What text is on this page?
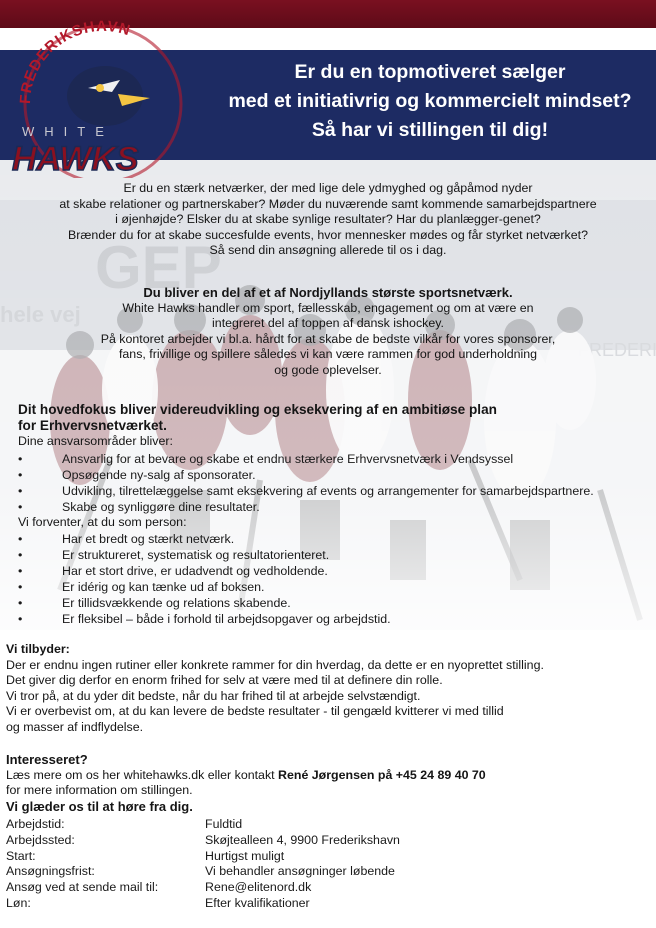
FREDERIKSHAVN
WHITE
HAWKS
Er du en topmotiveret sælger
med et initiativrig og kommercielt mindset?
Så har vi stillingen til dig!
Er du en stærk netværker, der med lige dele ydmyghed og gåpåmod nyder
at skabe relationer og partnerskaber? Møder du nuværende samt kommende samarbejdspartnere
i øjenhøjde? Elsker du at skabe synlige resultater? Har du planlægger-genet?
Brænder du for at skabe succesfulde events, hvor mennesker mødes og får styrket netværket?
Så send din ansøgning allerede til os i dag.
Du bliver en del af et af Nordjyllands største sportsnetværk.
White Hawks handler om sport, fællesskab, engagement og om at være en
integreret del af toppen af dansk ishockey.
På kontoret arbejder vi bl.a. hårdt for at skabe de bedste vilkår for vores sponsorer,
fans, frivillige og spillere således vi kan være rammen for god underholdning
og gode oplevelser.
Dit hovedfokus bliver videreudvikling og eksekvering af en ambitiøse plan
for Erhvervsnetværket.
Dine ansvarsområder bliver:
• Ansvarlig for at bevare og skabe et endnu stærkere Erhvervsnetværk i Vendsyssel
• Opsøgende ny-salg af sponsorater.
• Udvikling, tilrettelæggelse samt eksekvering af events og arrangementer for samarbejdspartnere.
• Skabe og synliggøre dine resultater.
Vi forventer, at du som person:
• Har et bredt og stærkt netværk.
• Er struktureret, systematisk og resultatorienteret.
• Har et stort drive, er udadvendt og vedholdende.
• Er idérig og kan tænke ud af boksen.
• Er tillidsvækkende og relations skabende.
• Er fleksibel – både i forhold til arbejdsopgaver og arbejdstid.
Vi tilbyder:
Der er endnu ingen rutiner eller konkrete rammer for din hverdag, da dette er en nyoprettet stilling.
Det giver dig derfor en enorm frihed for selv at være med til at definere din rolle.
Vi tror på, at du yder dit bedste, når du har frihed til at arbejde selvstændigt.
Vi er overbevist om, at du kan levere de bedste resultater - til gengæld kvitterer vi med tillid
og masser af indflydelse.
Interesseret?
Læs mere om os her whitehawks.dk eller kontakt René Jørgensen på +45 24 89 40 70
for mere information om stillingen.
Vi glæder os til at høre fra dig.
Arbejdstid:	Fuldtid
Arbejdssted:	Skøjtealleen 4, 9900 Frederikshavn
Start:	Hurtigst muligt
Ansøgningsfrist:	Vi behandler ansøgninger løbende
Ansøg ved at sende mail til:	Rene@elitenord.dk
Løn:	Efter kvalifikationer
